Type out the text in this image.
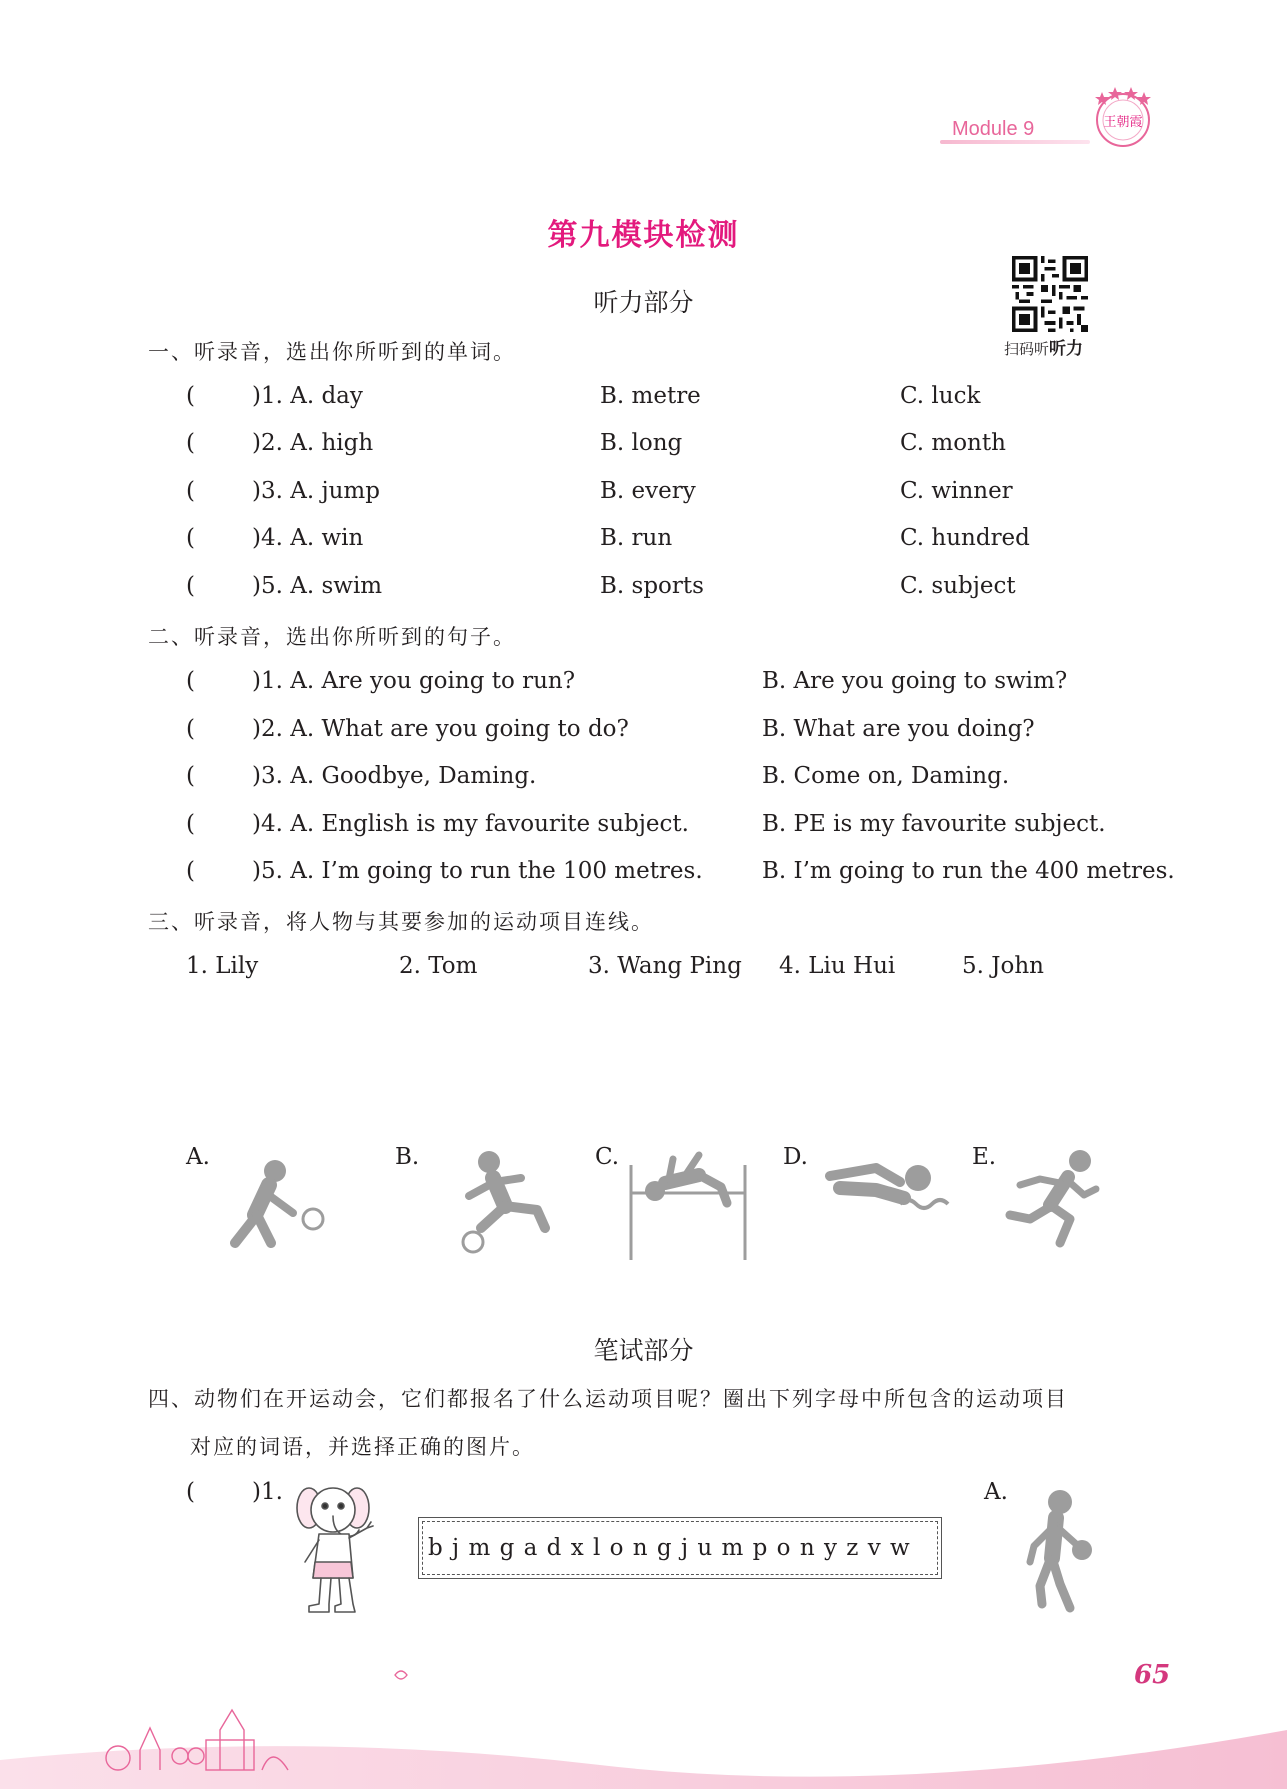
Module 9	王朝霞
第九模块检测
听力部分
扫码听听力
一、听录音，选出你所听到的单词。
( )1. A. day	B. metre	C. luck
( )2. A. high	B. long	C. month
( )3. A. jump	B. every	C. winner
( )4. A. win	B. run	C. hundred
( )5. A. swim	B. sports	C. subject
二、听录音，选出你所听到的句子。
( )1. A. Are you going to run?	B. Are you going to swim?
( )2. A. What are you going to do?	B. What are you doing?
( )3. A. Goodbye, Daming.	B. Come on, Daming.
( )4. A. English is my favourite subject.	B. PE is my favourite subject.
( )5. A. I’m going to run the 100 metres.	B. I’m going to run the 400 metres.
三、听录音，将人物与其要参加的运动项目连线。
1. Lily	2. Tom	3. Wang Ping 4. Liu Hui	5. John
A.	B.	C.	D.	E.
笔试部分
四、动物们在开运动会，它们都报名了什么运动项目呢？圈出下列字母中所包含的运动项目
对应的词语，并选择正确的图片。
( )1.
b j m g a d x l o n g j u m p o n y z v w
A.
65
